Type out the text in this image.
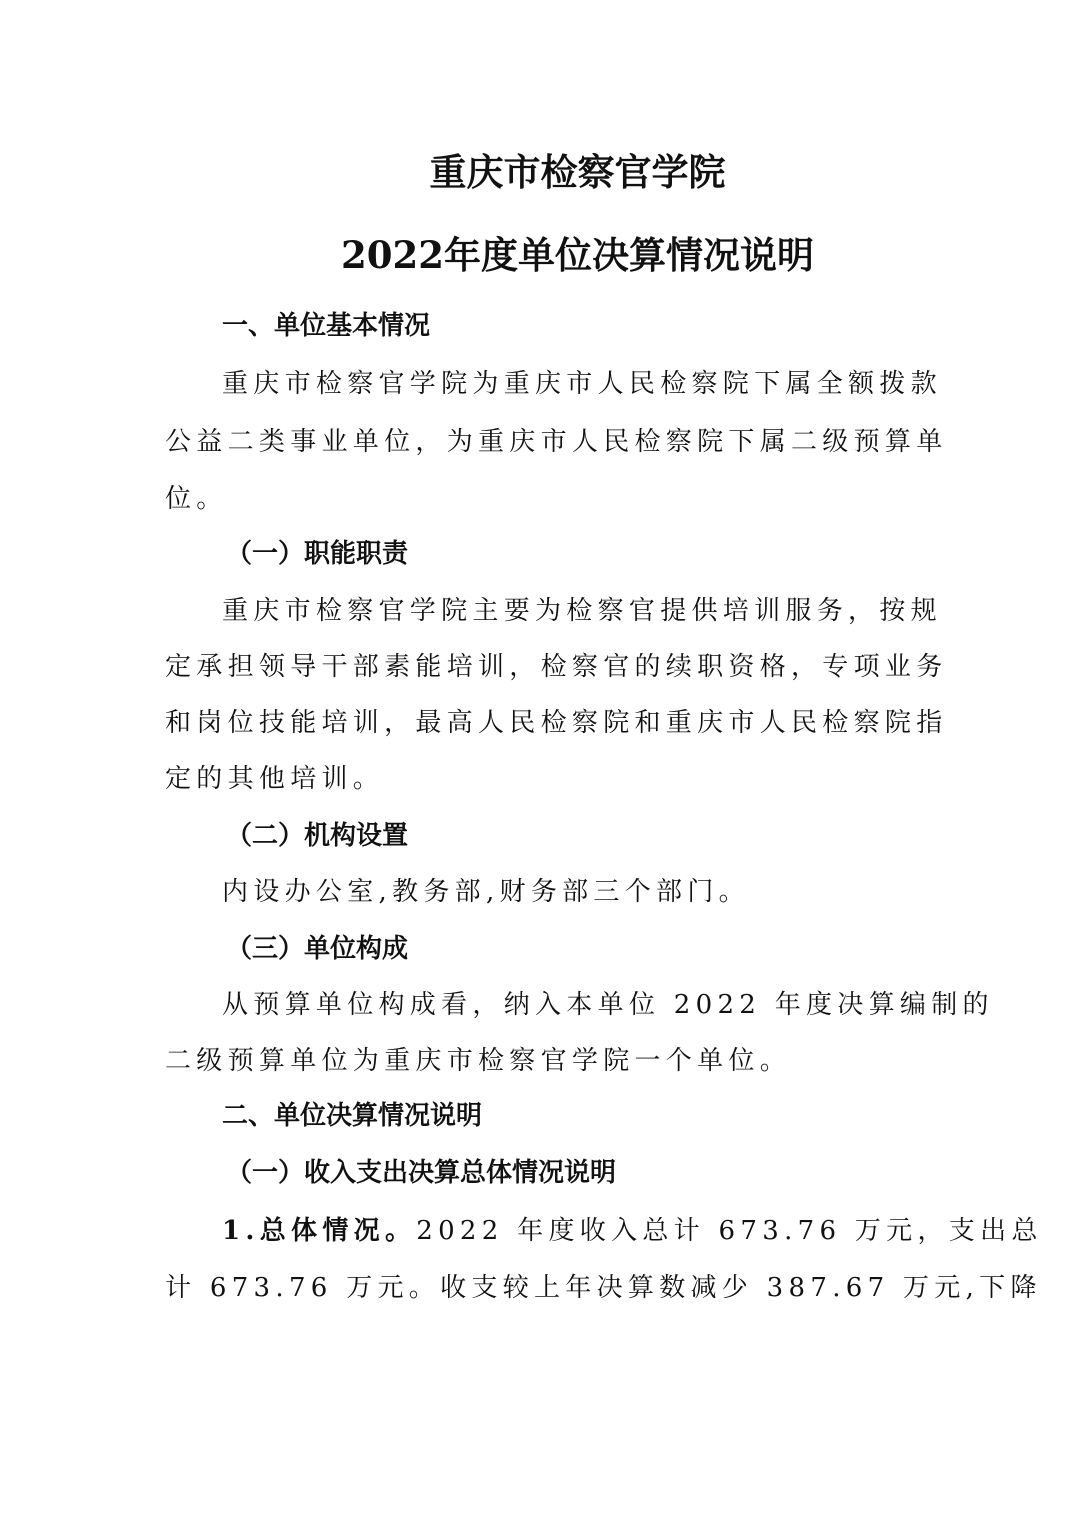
重庆市检察官学院
2022年度单位决算情况说明
一、单位基本情况
重庆市检察官学院为重庆市人民检察院下属全额拨款
公益二类事业单位，为重庆市人民检察院下属二级预算单
位。
（一）职能职责
重庆市检察官学院主要为检察官提供培训服务，按规
定承担领导干部素能培训，检察官的续职资格，专项业务
和岗位技能培训，最高人民检察院和重庆市人民检察院指
定的其他培训。
（二）机构设置
内设办公室,教务部,财务部三个部门。
（三）单位构成
从预算单位构成看，纳入本单位 2022 年度决算编制的
二级预算单位为重庆市检察官学院一个单位。
二、单位决算情况说明
（一）收入支出决算总体情况说明
1.总体情况。2022 年度收入总计 673.76 万元，支出总
计 673.76 万元。收支较上年决算数减少 387.67 万元,下降
